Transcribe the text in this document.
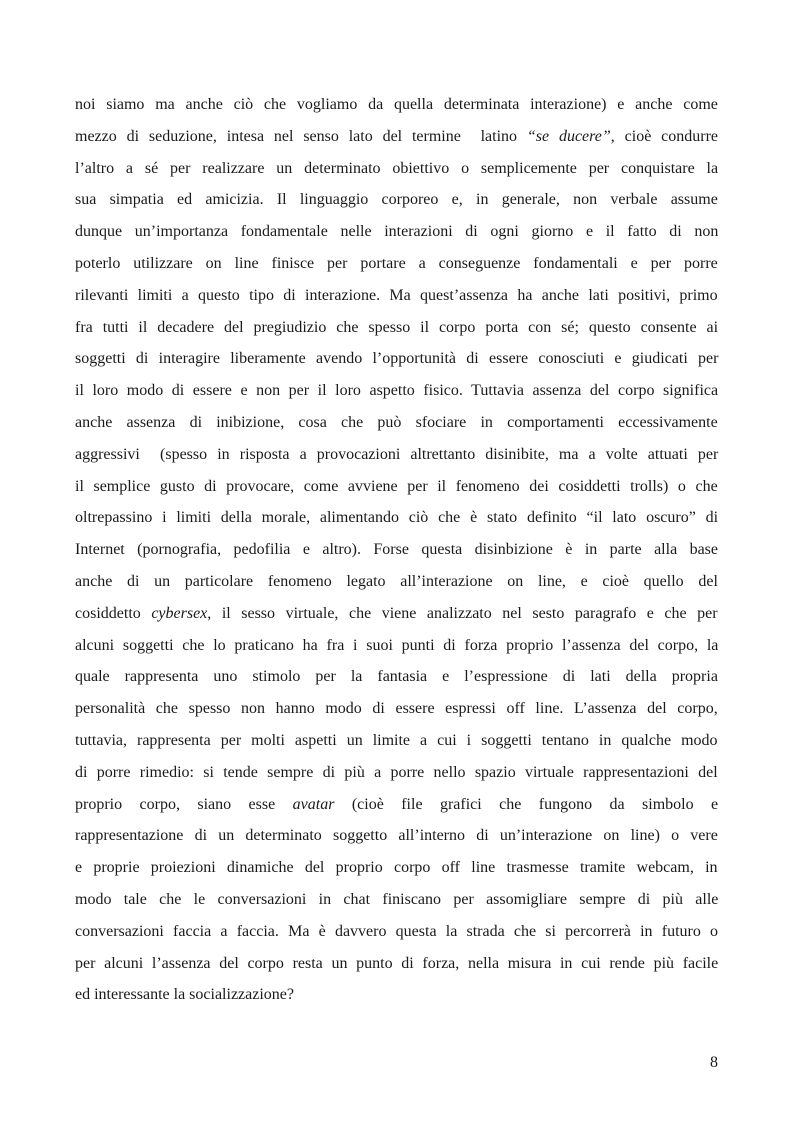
noi siamo ma anche ciò che vogliamo da quella determinata interazione) e anche come
mezzo di seduzione, intesa nel senso lato del termine  latino “se ducere”, cioè condurre
l’altro a sé per realizzare un determinato obiettivo o semplicemente per conquistare la
sua simpatia ed amicizia. Il linguaggio corporeo e, in generale, non verbale assume
dunque un’importanza fondamentale nelle interazioni di ogni giorno e il fatto di non
poterlo utilizzare on line finisce per portare a conseguenze fondamentali e per porre
rilevanti limiti a questo tipo di interazione. Ma quest’assenza ha anche lati positivi, primo
fra tutti il decadere del pregiudizio che spesso il corpo porta con sé; questo consente ai
soggetti di interagire liberamente avendo l’opportunità di essere conosciuti e giudicati per
il loro modo di essere e non per il loro aspetto fisico. Tuttavia assenza del corpo significa
anche assenza di inibizione, cosa che può sfociare in comportamenti eccessivamente
aggressivi  (spesso in risposta a provocazioni altrettanto disinibite, ma a volte attuati per
il semplice gusto di provocare, come avviene per il fenomeno dei cosiddetti trolls) o che
oltrepassino i limiti della morale, alimentando ciò che è stato definito “il lato oscuro” di
Internet (pornografia, pedofilia e altro). Forse questa disinbizione è in parte alla base
anche di un particolare fenomeno legato all’interazione on line, e cioè quello del
cosiddetto cybersex, il sesso virtuale, che viene analizzato nel sesto paragrafo e che per
alcuni soggetti che lo praticano ha fra i suoi punti di forza proprio l’assenza del corpo, la
quale rappresenta uno stimolo per la fantasia e l’espressione di lati della propria
personalità che spesso non hanno modo di essere espressi off line. L’assenza del corpo,
tuttavia, rappresenta per molti aspetti un limite a cui i soggetti tentano in qualche modo
di porre rimedio: si tende sempre di più a porre nello spazio virtuale rappresentazioni del
proprio corpo, siano esse avatar (cioè file grafici che fungono da simbolo e
rappresentazione di un determinato soggetto all’interno di un’interazione on line) o vere
e proprie proiezioni dinamiche del proprio corpo off line trasmesse tramite webcam, in
modo tale che le conversazioni in chat finiscano per assomigliare sempre di più alle
conversazioni faccia a faccia. Ma è davvero questa la strada che si percorrerà in futuro o
per alcuni l’assenza del corpo resta un punto di forza, nella misura in cui rende più facile
ed interessante la socializzazione?
8
